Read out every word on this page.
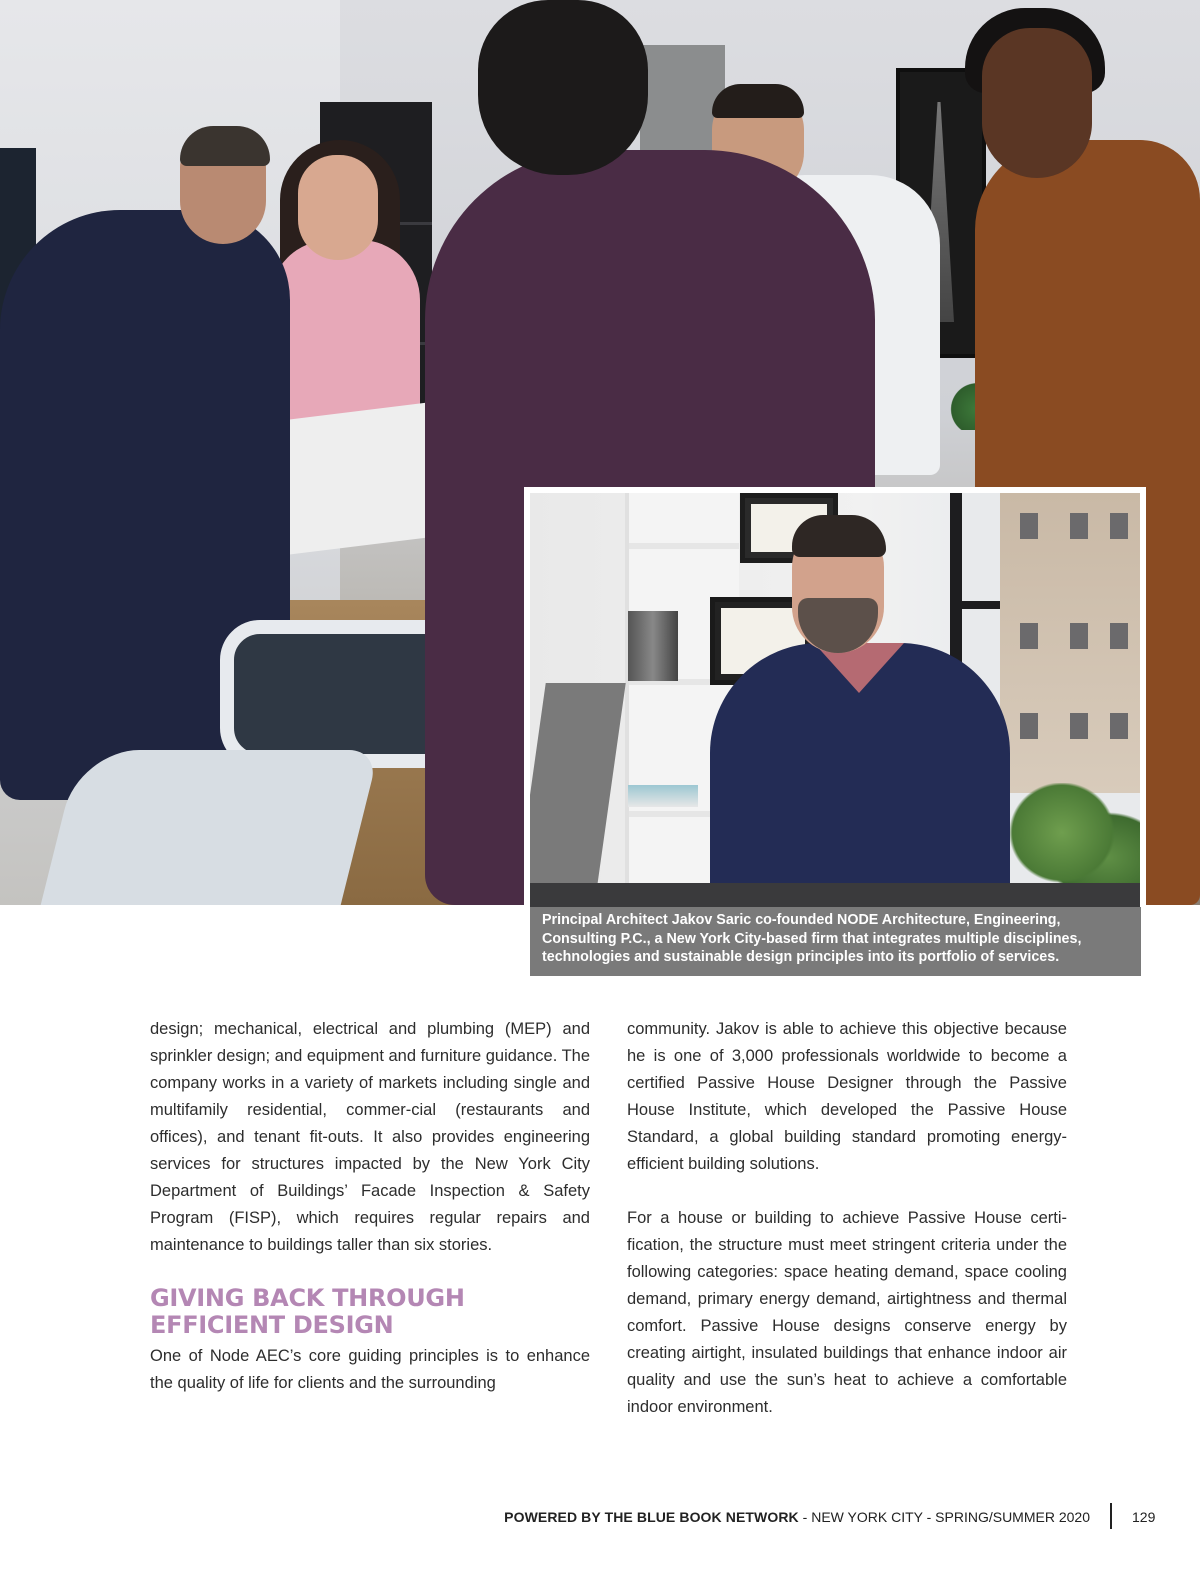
Principal Architect Jakov Saric co-founded NODE Architecture, Engineering,

Consulting P.C., a New York City-based firm that integrates multiple disciplines,

technologies and sustainable design principles into its portfolio of services.

design; mechanical, electrical and plumbing (MEP) and sprinkler design; and equipment and furniture guidance. The company works in a variety of markets including single and multifamily residential, commer-cial (restaurants and offices), and tenant fit-outs. It also provides engineering services for structures impacted by the New York City Department of Buildings’ Facade Inspection & Safety Program (FISP), which requires regular repairs and maintenance to buildings taller than six stories.

GIVING BACK THROUGH
EFFICIENT DESIGN

One of Node AEC’s core guiding principles is to enhance the quality of life for clients and the surrounding

community. Jakov is able to achieve this objective because he is one of 3,000 professionals worldwide to become a certified Passive House Designer through the Passive House Institute, which developed the Passive House Standard, a global building standard promoting energy-efficient building solutions.

For a house or building to achieve Passive House certi-fication, the structure must meet stringent criteria under the following categories: space heating demand, space cooling demand, primary energy demand, airtightness and thermal comfort. Passive House designs conserve energy by creating airtight, insulated buildings that enhance indoor air quality and use the sun’s heat to achieve a comfortable indoor environment.

POWERED BY THE BLUE BOOK NETWORK - NEW YORK CITY - SPRING/SUMMER 2020	129
